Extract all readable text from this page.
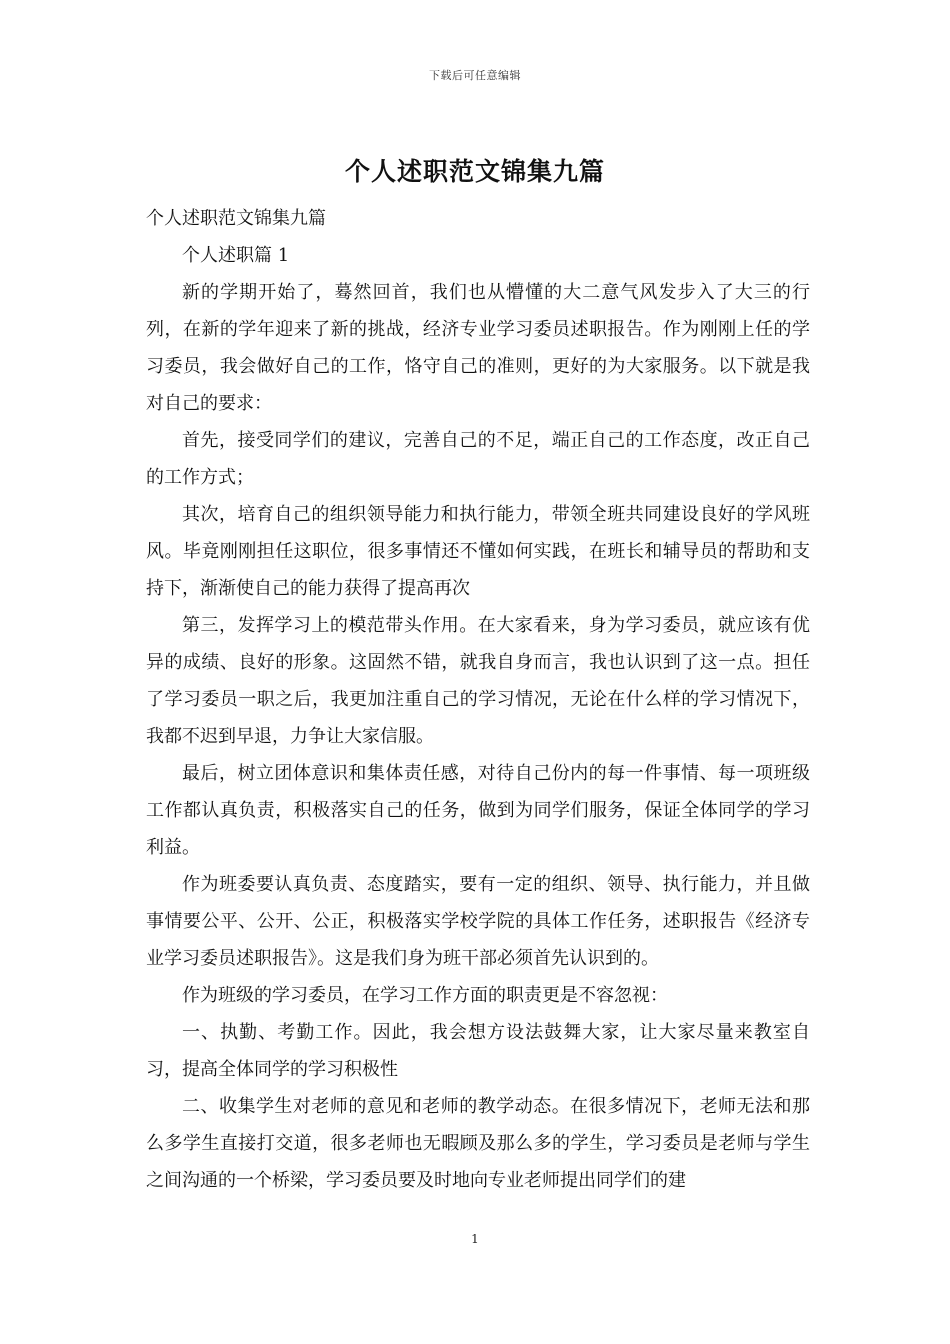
下载后可任意编辑
个人述职范文锦集九篇

个人述职范文锦集九篇

个人述职篇 1

新的学期开始了，蓦然回首，我们也从懵懂的大二意气风发步入了大三的行列，在新的学年迎来了新的挑战，经济专业学习委员述职报告。作为刚刚上任的学习委员，我会做好自己的工作，恪守自己的准则，更好的为大家服务。以下就是我对自己的要求：

首先，接受同学们的建议，完善自己的不足，端正自己的工作态度，改正自己的工作方式；

其次，培育自己的组织领导能力和执行能力，带领全班共同建设良好的学风班风。毕竟刚刚担任这职位，很多事情还不懂如何实践，在班长和辅导员的帮助和支持下，渐渐使自己的能力获得了提高再次

第三，发挥学习上的模范带头作用。在大家看来，身为学习委员，就应该有优异的成绩、良好的形象。这固然不错，就我自身而言，我也认识到了这一点。担任了学习委员一职之后，我更加注重自己的学习情况，无论在什么样的学习情况下，我都不迟到早退，力争让大家信服。

最后，树立团体意识和集体责任感，对待自己份内的每一件事情、每一项班级工作都认真负责，积极落实自己的任务，做到为同学们服务，保证全体同学的学习利益。

作为班委要认真负责、态度踏实，要有一定的组织、领导、执行能力，并且做事情要公平、公开、公正，积极落实学校学院的具体工作任务，述职报告《经济专业学习委员述职报告》。这是我们身为班干部必须首先认识到的。

作为班级的学习委员，在学习工作方面的职责更是不容忽视：

一、执勤、考勤工作。因此，我会想方设法鼓舞大家，让大家尽量来教室自习，提高全体同学的学习积极性

二、收集学生对老师的意见和老师的教学动态。在很多情况下，老师无法和那么多学生直接打交道，很多老师也无暇顾及那么多的学生，学习委员是老师与学生之间沟通的一个桥梁，学习委员要及时地向专业老师提出同学们的建

1
